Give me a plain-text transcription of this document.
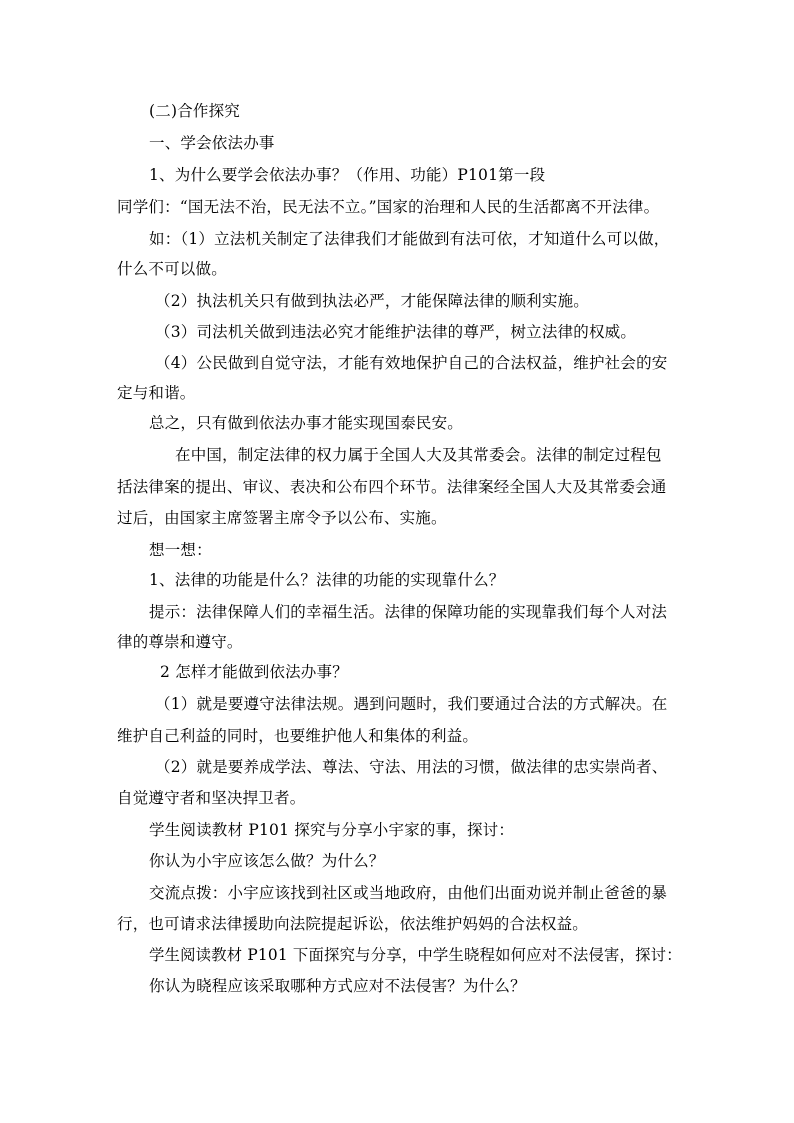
(二)合作探究
一、学会依法办事
1、为什么要学会依法办事？（作用、功能）P101第一段
同学们：“国无法不治，民无法不立。”国家的治理和人民的生活都离不开法律。
如：（1）立法机关制定了法律我们才能做到有法可依，才知道什么可以做，
什么不可以做。
（2）执法机关只有做到执法必严，才能保障法律的顺利实施。
（3）司法机关做到违法必究才能维护法律的尊严，树立法律的权威。
（4）公民做到自觉守法，才能有效地保护自己的合法权益，维护社会的安
定与和谐。
总之，只有做到依法办事才能实现国泰民安。
在中国，制定法律的权力属于全国人大及其常委会。法律的制定过程包
括法律案的提出、审议、表决和公布四个环节。法律案经全国人大及其常委会通
过后，由国家主席签署主席令予以公布、实施。
想一想：
1、法律的功能是什么？法律的功能的实现靠什么？
提示：法律保障人们的幸福生活。法律的保障功能的实现靠我们每个人对法
律的尊崇和遵守。
2 怎样才能做到依法办事？
（1）就是要遵守法律法规。遇到问题时，我们要通过合法的方式解决。在
维护自己利益的同时，也要维护他人和集体的利益。
（2）就是要养成学法、尊法、守法、用法的习惯，做法律的忠实崇尚者、
自觉遵守者和坚决捍卫者。
学生阅读教材 P101 探究与分享小宇家的事，探讨：
你认为小宇应该怎么做？为什么？
交流点拨：小宇应该找到社区或当地政府，由他们出面劝说并制止爸爸的暴
行，也可请求法律援助向法院提起诉讼，依法维护妈妈的合法权益。
学生阅读教材 P101 下面探究与分享，中学生晓程如何应对不法侵害，探讨：
你认为晓程应该采取哪种方式应对不法侵害？为什么？
